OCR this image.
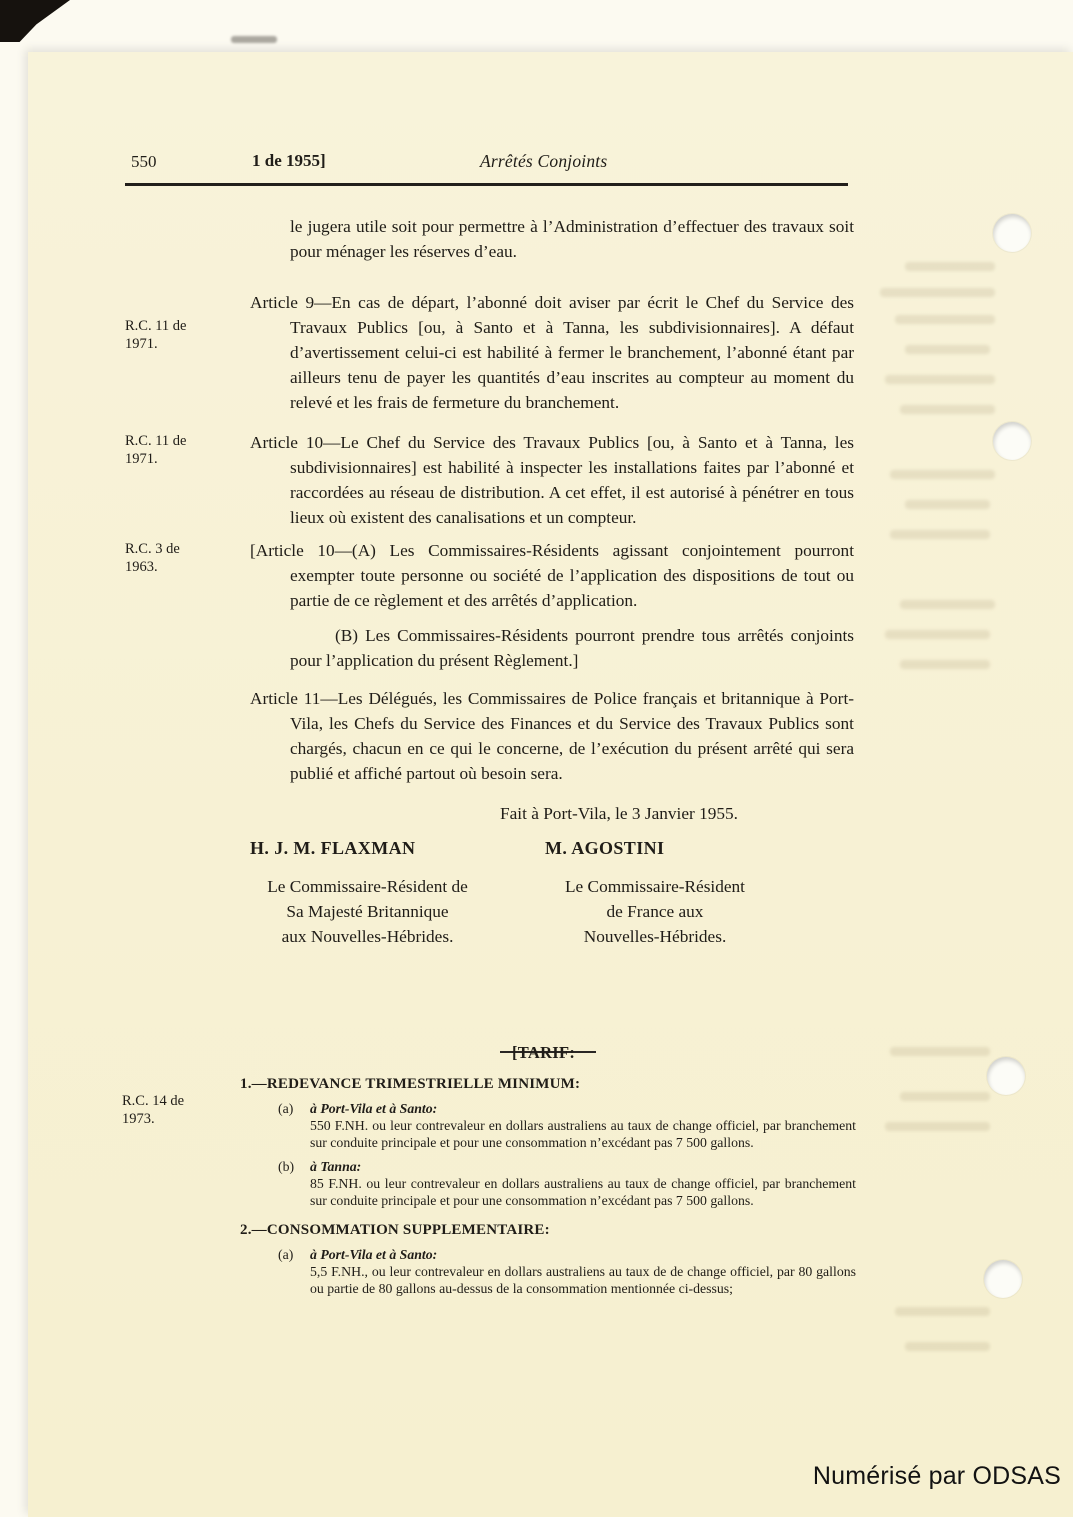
550	1 de 1955]	Arrêtés Conjoints

le jugera utile soit pour permettre à l’Administration d’effectuer des travaux soit pour ménager les réserves d’eau.

R.C. 11 de 1971.

Article 9—En cas de départ, l’abonné doit aviser par écrit le Chef du Service des Travaux Publics [ou, à Santo et à Tanna, les subdivisionnaires]. A défaut d’avertissement celui-ci est habilité à fermer le branchement, l’abonné étant par ailleurs tenu de payer les quantités d’eau inscrites au compteur au moment du relevé et les frais de fermeture du branchement.

R.C. 11 de 1971.

Article 10—Le Chef du Service des Travaux Publics [ou, à Santo et à Tanna, les subdivisionnaires] est habilité à inspecter les installations faites par l’abonné et raccordées au réseau de distribution. A cet effet, il est autorisé à pénétrer en tous lieux où existent des canalisations et un compteur.

R.C. 3 de 1963.

[Article 10—(A) Les Commissaires-Résidents agissant conjointement pourront exempter toute personne ou société de l’application des dispositions de tout ou partie de ce règlement et des arrêtés d’application.

(B) Les Commissaires-Résidents pourront prendre tous arrêtés conjoints pour l’application du présent Règlement.]

Article 11—Les Délégués, les Commissaires de Police français et britannique à Port-Vila, les Chefs du Service des Finances et du Service des Travaux Publics sont chargés, chacun en ce qui le concerne, de l’exécution du présent arrêté qui sera publié et affiché partout où besoin sera.

Fait à Port-Vila, le 3 Janvier 1955.

H. J. M. FLAXMAN
Le Commissaire-Résident de
Sa Majesté Britannique
aux Nouvelles-Hébrides.
M. AGOSTINI
Le Commissaire-Résident
de France aux
Nouvelles-Hébrides.
R.C. 14 de 1973.
[TARIF:
1.—REDEVANCE TRIMESTRIELLE MINIMUM:
(a) à Port-Vila et à Santo:
550 F.NH. ou leur contrevaleur en dollars australiens au taux de change officiel, par branchement sur conduite principale et pour une consommation n’excédant pas 7 500 gallons.
(b) à Tanna:
85 F.NH. ou leur contrevaleur en dollars australiens au taux de change officiel, par branchement sur conduite principale et pour une consommation n’excédant pas 7 500 gallons.
2.—CONSOMMATION SUPPLEMENTAIRE:
(a) à Port-Vila et à Santo:
5,5 F.NH., ou leur contrevaleur en dollars australiens au taux de de change officiel, par 80 gallons ou partie de 80 gallons au-dessus de la consommation mentionnée ci-dessus;
Numérisé par ODSAS
